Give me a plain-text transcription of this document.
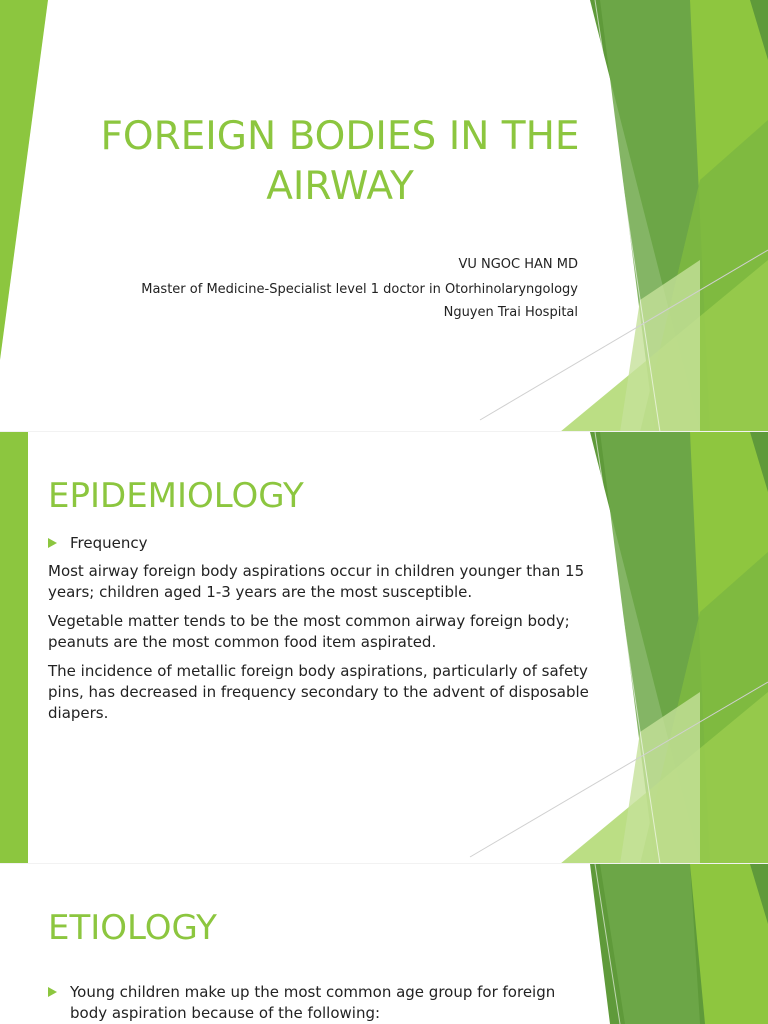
FOREIGN BODIES IN THE AIRWAY

VU NGOC HAN MD

Master of Medicine-Specialist level 1 doctor in Otorhinolaryngology

Nguyen Trai Hospital

EPIDEMIOLOGY
Frequency

Most airway foreign body aspirations occur in children younger than 15 years; children aged 1-3 years are the most susceptible.

Vegetable matter tends to be the most common airway foreign body; peanuts are the most common food item aspirated.

The incidence of metallic foreign body aspirations, particularly of safety pins, has decreased in frequency secondary to the advent of disposable diapers.

ETIOLOGY
Young children make up the most common age group for foreign body aspiration because of the following:
